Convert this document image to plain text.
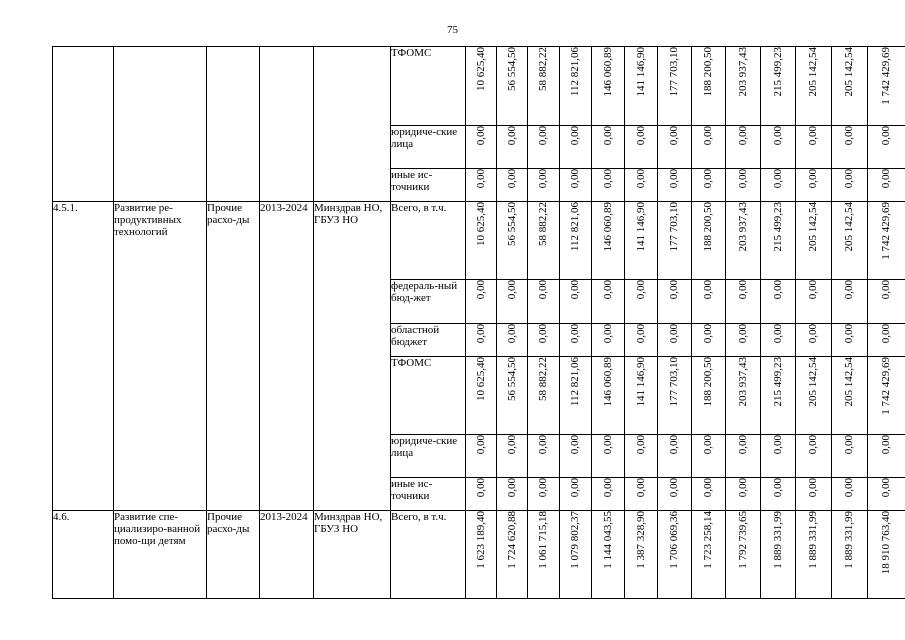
75
					ТФОМС	10 625,40	56 554,50	58 882,22	112 821,06	146 060,89	141 146,90	177 703,10	188 200,50	203 937,43	215 499,23	205 142,54	205 142,54	1 742 429,69
					юридиче-ские лица	0,00	0,00	0,00	0,00	0,00	0,00	0,00	0,00	0,00	0,00	0,00	0,00	0,00
					иные ис-точники	0,00	0,00	0,00	0,00	0,00	0,00	0,00	0,00	0,00	0,00	0,00	0,00	0,00
4.5.1.	Развитие ре-продуктивных технологий	Прочие расхо-ды	2013-2024	Минздрав НО, ГБУЗ НО	Всего, в т.ч.	10 625,40	56 554,50	58 882,22	112 821,06	146 060,89	141 146,90	177 703,10	188 200,50	203 937,43	215 499,23	205 142,54	205 142,54	1 742 429,69
					федераль-ный бюд-жет	0,00	0,00	0,00	0,00	0,00	0,00	0,00	0,00	0,00	0,00	0,00	0,00	0,00
					областной бюджет	0,00	0,00	0,00	0,00	0,00	0,00	0,00	0,00	0,00	0,00	0,00	0,00	0,00
					ТФОМС	10 625,40	56 554,50	58 882,22	112 821,06	146 060,89	141 146,90	177 703,10	188 200,50	203 937,43	215 499,23	205 142,54	205 142,54	1 742 429,69
					юридиче-ские лица	0,00	0,00	0,00	0,00	0,00	0,00	0,00	0,00	0,00	0,00	0,00	0,00	0,00
					иные ис-точники	0,00	0,00	0,00	0,00	0,00	0,00	0,00	0,00	0,00	0,00	0,00	0,00	0,00
4.6.	Развитие спе-циализиро-ванной помо-щи детям	Прочие расхо-ды	2013-2024	Минздрав НО, ГБУЗ НО	Всего, в т.ч.	1 623 189,40	1 724 620,88	1 061 715,18	1 079 802,37	1 144 043,55	1 387 328,90	1 706 069,36	1 723 258,14	1 792 739,65	1 889 331,99	1 889 331,99	1 889 331,99	18 910 763,40
